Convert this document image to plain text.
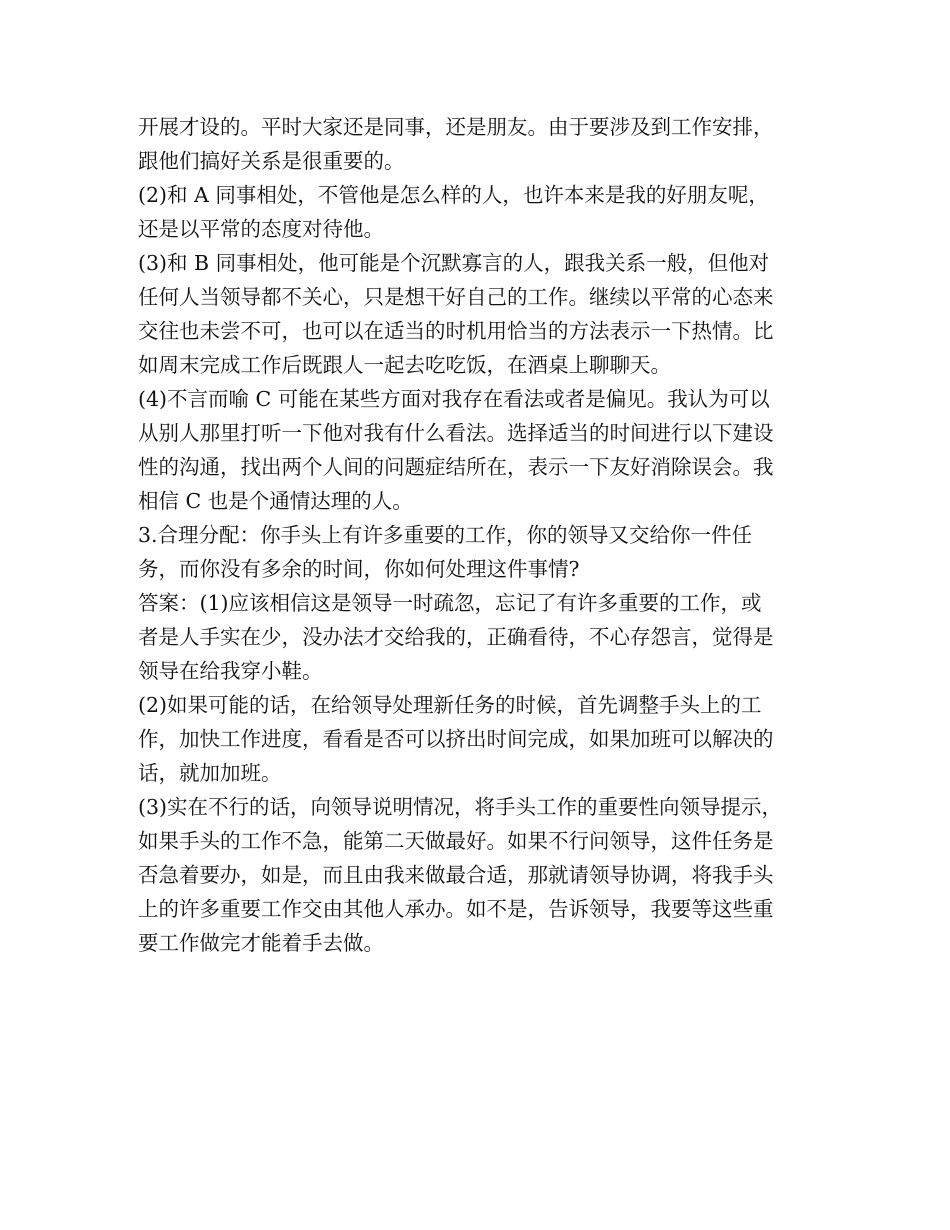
开展才设的。平时大家还是同事，还是朋友。由于要涉及到工作安排，
跟他们搞好关系是很重要的。
(2)和 A 同事相处，不管他是怎么样的人，也许本来是我的好朋友呢，
还是以平常的态度对待他。
(3)和 B 同事相处，他可能是个沉默寡言的人，跟我关系一般，但他对
任何人当领导都不关心，只是想干好自己的工作。继续以平常的心态来
交往也未尝不可，也可以在适当的时机用恰当的方法表示一下热情。比
如周末完成工作后既跟人一起去吃吃饭，在酒桌上聊聊天。
(4)不言而喻 C 可能在某些方面对我存在看法或者是偏见。我认为可以
从别人那里打听一下他对我有什么看法。选择适当的时间进行以下建设
性的沟通，找出两个人间的问题症结所在，表示一下友好消除误会。我
相信 C 也是个通情达理的人。
3.合理分配：你手头上有许多重要的工作，你的领导又交给你一件任
务，而你没有多余的时间，你如何处理这件事情?
答案：(1)应该相信这是领导一时疏忽，忘记了有许多重要的工作，或
者是人手实在少，没办法才交给我的，正确看待，不心存怨言，觉得是
领导在给我穿小鞋。
(2)如果可能的话，在给领导处理新任务的时候，首先调整手头上的工
作，加快工作进度，看看是否可以挤出时间完成，如果加班可以解决的
话，就加加班。
(3)实在不行的话，向领导说明情况，将手头工作的重要性向领导提示，
如果手头的工作不急，能第二天做最好。如果不行问领导，这件任务是
否急着要办，如是，而且由我来做最合适，那就请领导协调，将我手头
上的许多重要工作交由其他人承办。如不是，告诉领导，我要等这些重
要工作做完才能着手去做。
